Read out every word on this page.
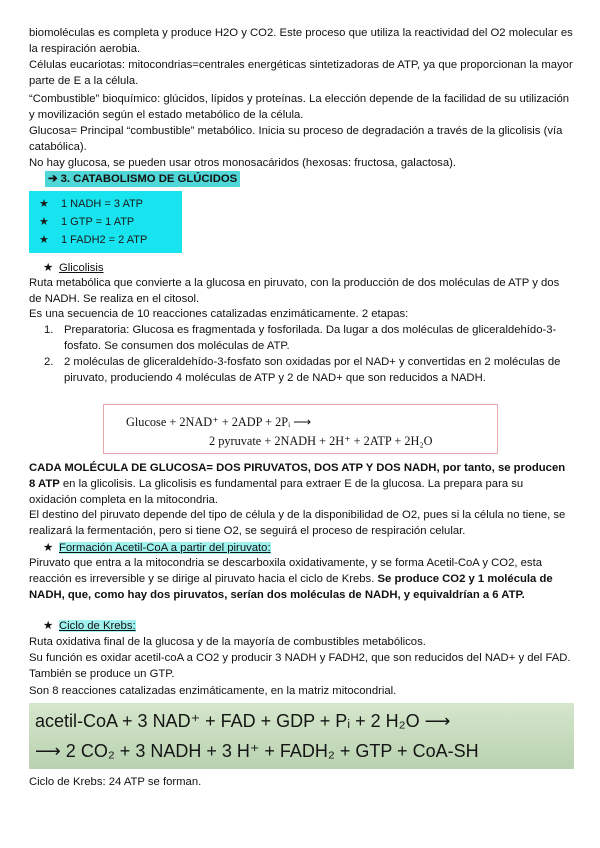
biomoléculas es completa y produce H2O y CO2. Este proceso que utiliza la reactividad del O2 molecular es la respiración aerobia.

Células eucariotas: mitocondrias=centrales energéticas sintetizadoras de ATP, ya que proporcionan la mayor parte de E a la célula.

“Combustible” bioquímico: glúcidos, lípidos y proteínas. La elección depende de la facilidad de su utilización y movilización según el estado metabólico de la célula.

Glucosa= Principal “combustible” metabólico. Inicia su proceso de degradación a través de la glicolisis (vía catabólica).

No hay glucosa, se pueden usar otros monosacáridos (hexosas: fructosa, galactosa).

➔ 3. CATABOLISMO DE GLÚCIDOS
★ 1 NADH = 3 ATP
★ 1 GTP = 1 ATP
★ 1 FADH2 = 2 ATP
★ Glicolisis

Ruta metabólica que convierte a la glucosa en piruvato, con la producción de dos moléculas de ATP y dos de NADH. Se realiza en el citosol.

Es una secuencia de 10 reacciones catalizadas enzimáticamente. 2 etapas:

1. Preparatoria: Glucosa es fragmentada y fosforilada. Da lugar a dos moléculas de gliceraldehído-3-fosfato. Se consumen dos moléculas de ATP.
2. 2 moléculas de gliceraldehído-3-fosfato son oxidadas por el NAD+ y convertidas en 2 moléculas de piruvato, produciendo 4 moléculas de ATP y 2 de NAD+ que son reducidos a NADH.
Glucose + 2NAD⁺ + 2ADP + 2Pᵢ ⟶
2 pyruvate + 2NADH + 2H⁺ + 2ATP + 2H₂O

CADA MOLÉCULA DE GLUCOSA= DOS PIRUVATOS, DOS ATP Y DOS NADH, por tanto, se producen 8 ATP en la glicolisis. La glicolisis es fundamental para extraer E de la glucosa. La prepara para su oxidación completa en la mitocondria.

El destino del piruvato depende del tipo de célula y de la disponibilidad de O2, pues si la célula no tiene, se realizará la fermentación, pero si tiene O2, se seguirá el proceso de respiración celular.

★ Formación Acetil-CoA a partir del piruvato:

Piruvato que entra a la mitocondria se descarboxila oxidativamente, y se forma Acetil-CoA y CO2, esta reacción es irreversible y se dirige al piruvato hacia el ciclo de Krebs. Se produce CO2 y 1 molécula de NADH, que, como hay dos piruvatos, serían dos moléculas de NADH, y equivaldrían a 6 ATP.

★ Ciclo de Krebs:

Ruta oxidativa final de la glucosa y de la mayoría de combustibles metabólicos.

Su función es oxidar acetil-coA a CO2 y producir 3 NADH y FADH2, que son reducidos del NAD+ y del FAD. También se produce un GTP.

Son 8 reacciones catalizadas enzimáticamente, en la matriz mitocondrial.

acetil-CoA + 3 NAD⁺ + FAD + GDP + Pᵢ + 2 H₂O ⟶
⟶ 2 CO₂ + 3 NADH + 3 H⁺ + FADH₂ + GTP + CoA-SH

Ciclo de Krebs: 24 ATP se forman.
